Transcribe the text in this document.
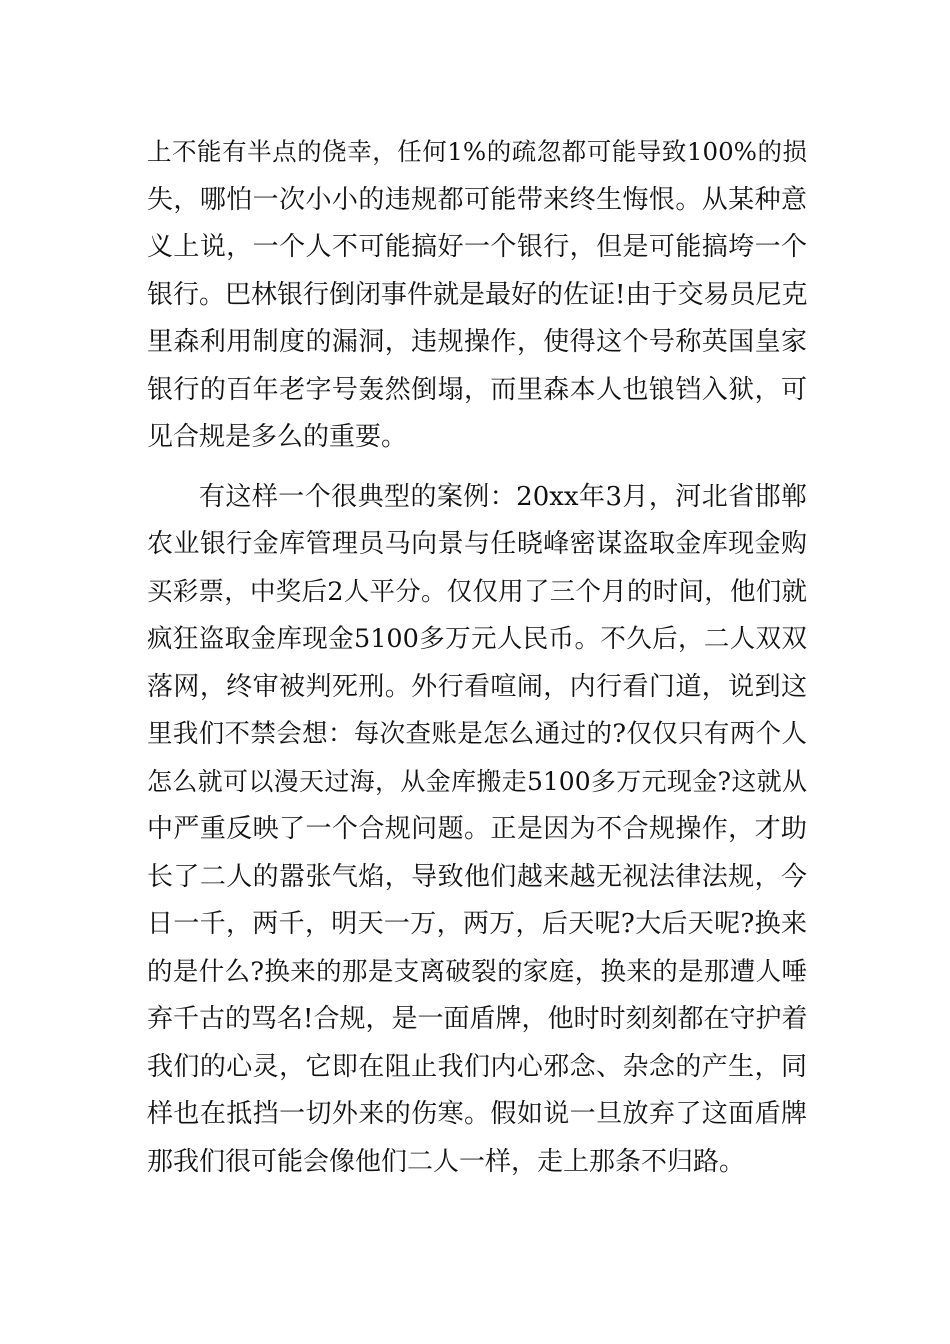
上不能有半点的侥幸，任何1%的疏忽都可能导致100%的损

失，哪怕一次小小的违规都可能带来终生悔恨。从某种意

义上说，一个人不可能搞好一个银行，但是可能搞垮一个

银行。巴林银行倒闭事件就是最好的佐证!由于交易员尼克

里森利用制度的漏洞，违规操作，使得这个号称英国皇家

银行的百年老字号轰然倒塌，而里森本人也锒铛入狱，可

见合规是多么的重要。

有这样一个很典型的案例：20xx年3月，河北省邯郸

农业银行金库管理员马向景与任晓峰密谋盗取金库现金购

买彩票，中奖后2人平分。仅仅用了三个月的时间，他们就

疯狂盗取金库现金5100多万元人民币。不久后，二人双双

落网，终审被判死刑。外行看喧闹，内行看门道，说到这

里我们不禁会想：每次查账是怎么通过的?仅仅只有两个人

怎么就可以漫天过海，从金库搬走5100多万元现金?这就从

中严重反映了一个合规问题。正是因为不合规操作，才助

长了二人的嚣张气焰，导致他们越来越无视法律法规，今

日一千，两千，明天一万，两万，后天呢?大后天呢?换来

的是什么?换来的那是支离破裂的家庭，换来的是那遭人唾

弃千古的骂名!合规，是一面盾牌，他时时刻刻都在守护着

我们的心灵，它即在阻止我们内心邪念、杂念的产生，同

样也在抵挡一切外来的伤寒。假如说一旦放弃了这面盾牌

那我们很可能会像他们二人一样，走上那条不归路。
